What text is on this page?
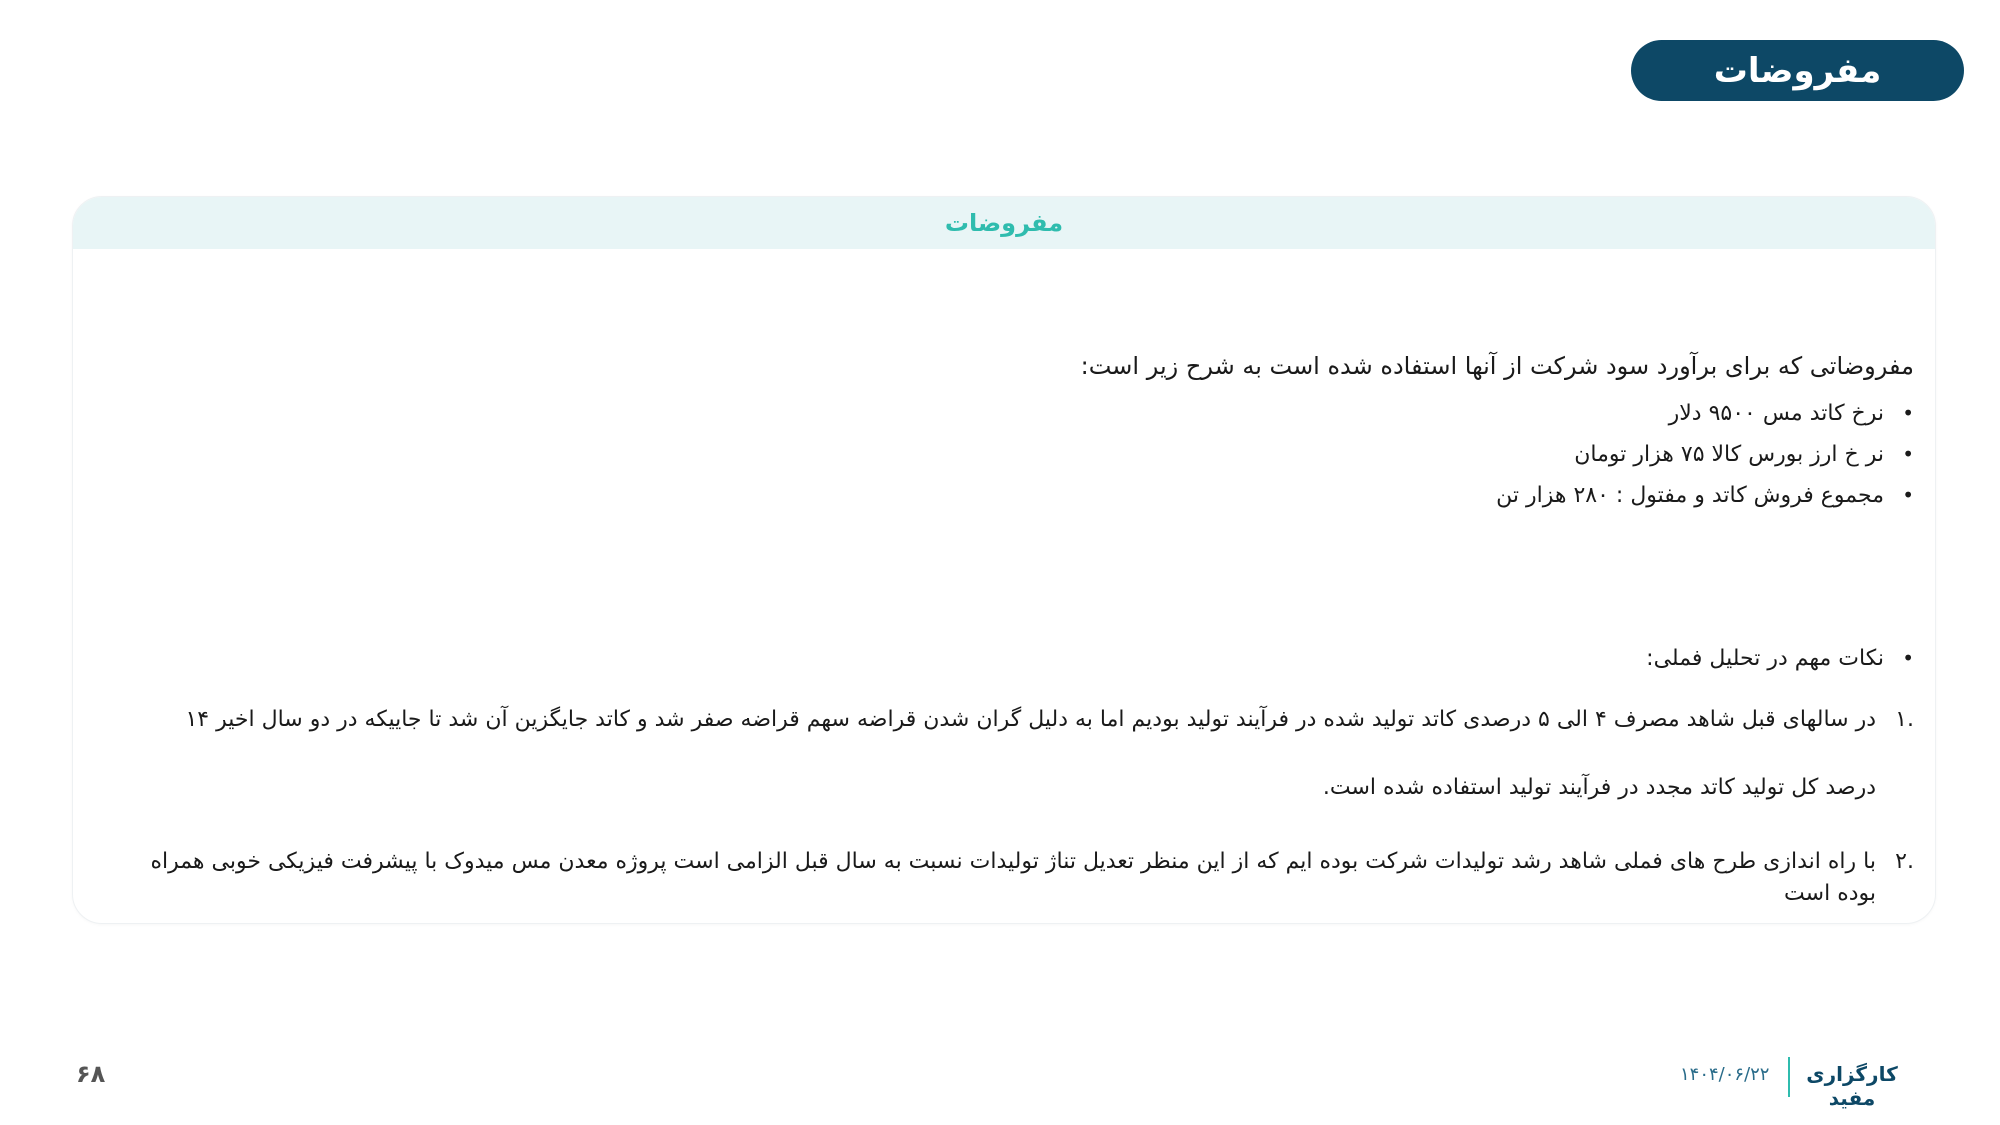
مفروضات
مفروضات
مفروضاتی که برای برآورد سود شرکت از آنها استفاده شده است به شرح زیر است:
• نرخ کاتد مس ۹۵۰۰ دلار
• نر خ ارز بورس کالا ۷۵ هزار تومان
• مجموع فروش کاتد و مفتول : ۲۸۰ هزار تن
• نکات مهم در تحلیل فملی:
.۱
در سالهای قبل شاهد مصرف ۴ الی ۵ درصدی کاتد تولید شده در فرآیند تولید بودیم اما به دلیل گران شدن قراضه سهم قراضه صفر شد و کاتد جایگزین آن شد تا جاییکه در دو سال اخیر ۱۴ درصد کل تولید کاتد مجدد در فرآیند تولید استفاده شده است.
.۲
با راه اندازی طرح های فملی شاهد رشد تولیدات شرکت بوده ایم که از این منظر تعدیل تناژ تولیدات نسبت به سال قبل الزامی است پروژه معدن مس میدوک با پیشرفت فیزیکی خوبی همراه بوده است
۶۸	کارگزاری مفید
۱۴۰۴/۰۶/۲۲
